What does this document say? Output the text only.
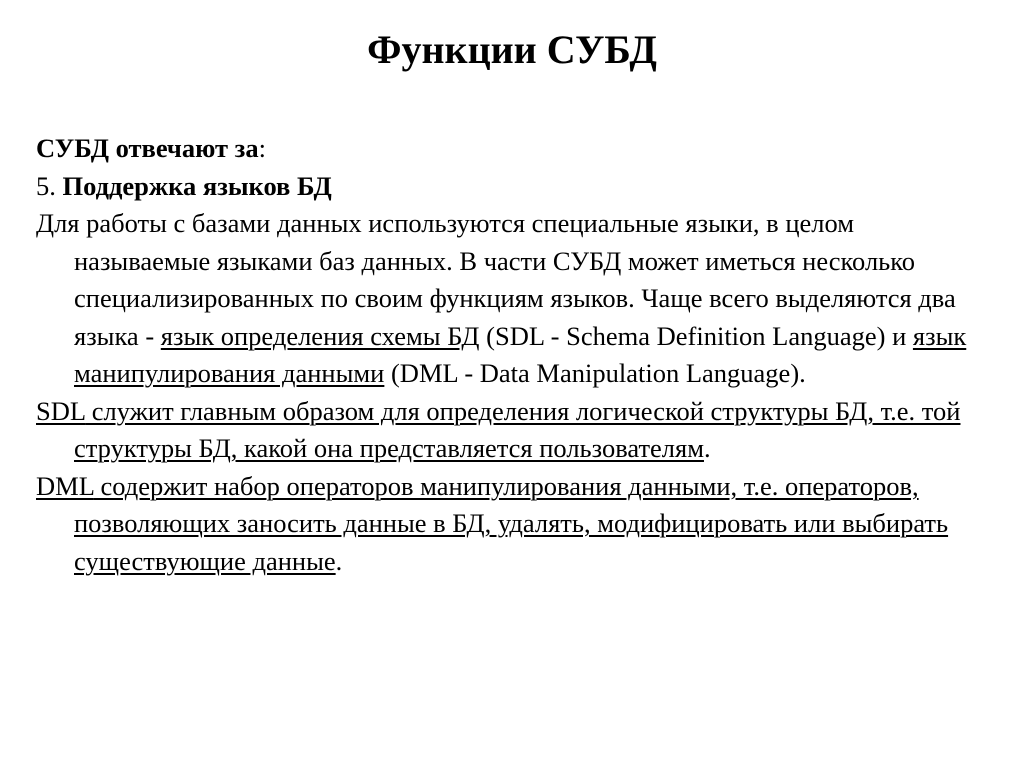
Функции СУБД

СУБД отвечают за:

5. Поддержка языков БД

Для работы с базами данных используются специальные языки, в целом называемые языками баз данных. В части СУБД может иметься несколько специализированных по своим функциям языков. Чаще всего выделяются два языка - язык определения схемы БД (SDL - Schema Definition Language) и язык манипулирования данными (DML - Data Manipulation Language).

SDL служит главным образом для определения логической структуры БД, т.е. той структуры БД, какой она представляется пользователям.

DML содержит набор операторов манипулирования данными, т.е. операторов, позволяющих заносить данные в БД, удалять, модифицировать или выбирать существующие данные.
